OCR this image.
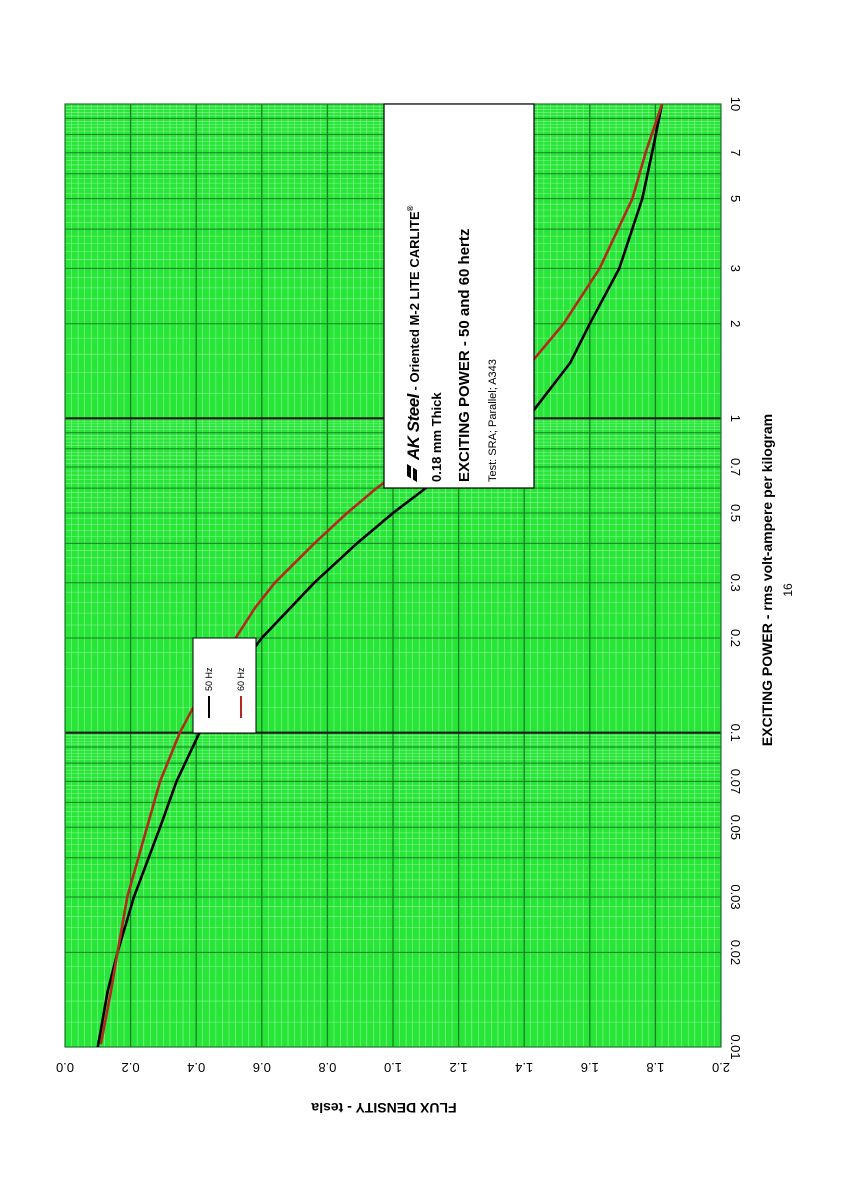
AK Steel - Oriented M-2 LITE CARLITE®
0.18 mm Thick EXCITING POWER - 50 and 60 hertz Test: SRA; Parallel; A343
50 Hz 60 Hz
0.01
0.02
0.03
0.05
0.07
0.1
0.2
0.3
0.5
0.7
1
2
3
5
7
10
0.0	0.2	0.4	0.6	0.8	1.0	1.2	1.4	1.6	1.8	2.0
EXCITING POWER - rms volt-ampere per kilogram
FLUX DENSITY - tesla
16
